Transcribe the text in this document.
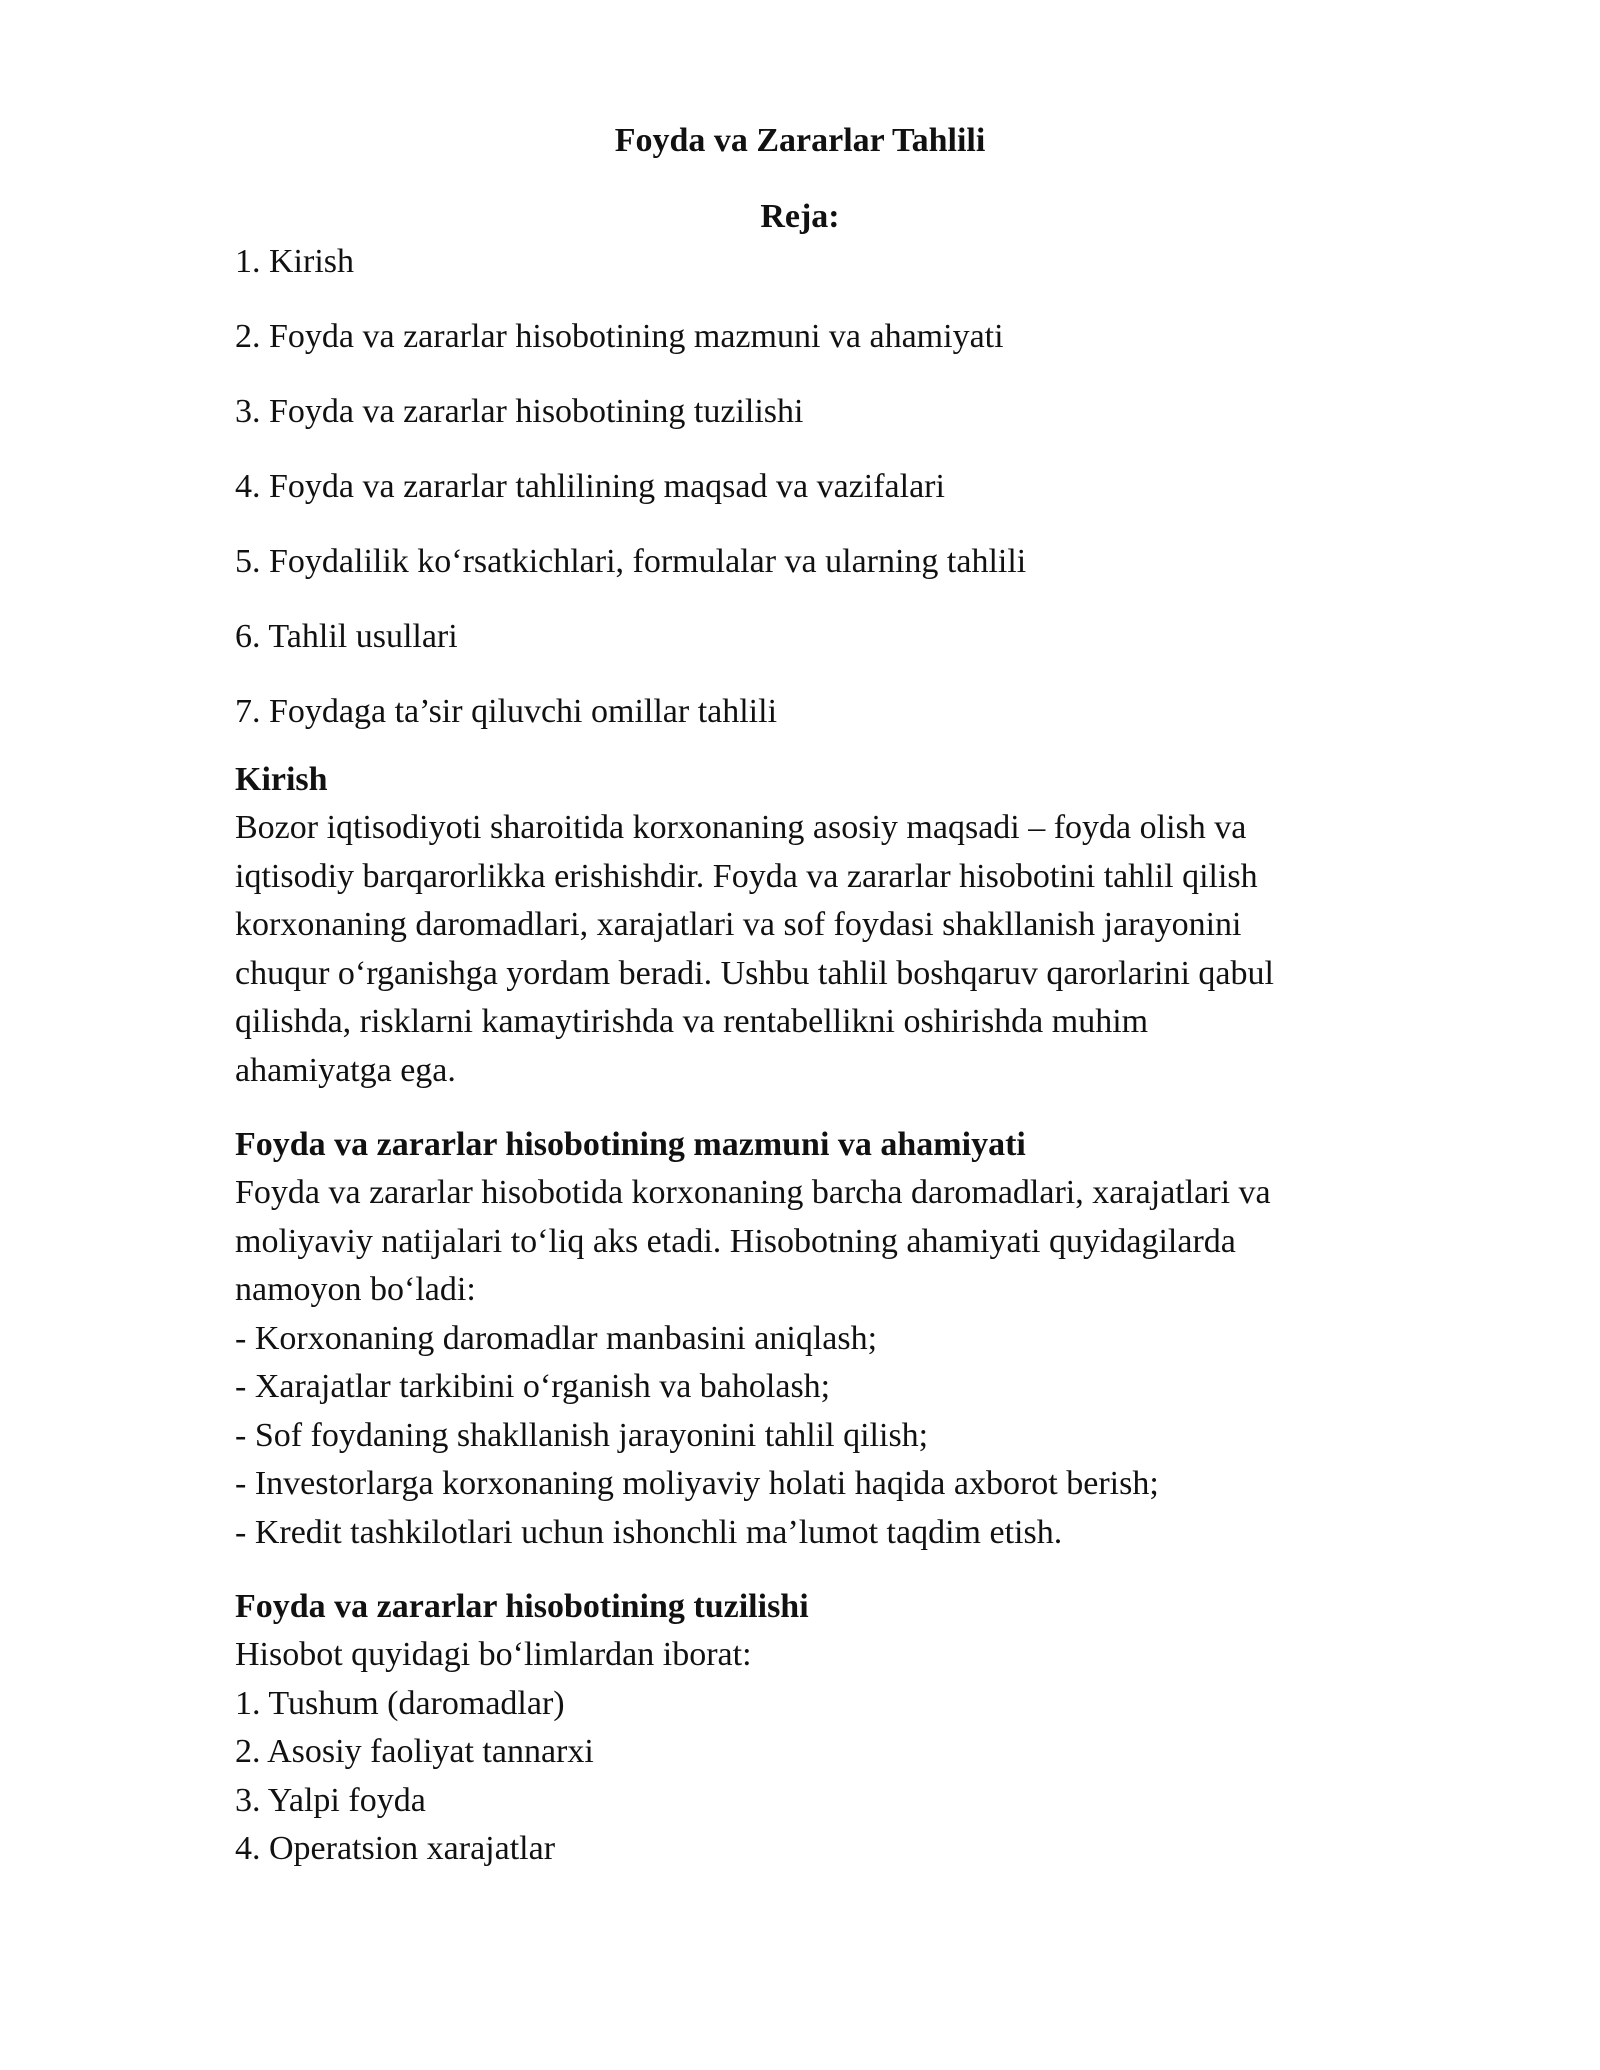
Foyda va Zararlar Tahlili
Reja:
1. Kirish
2. Foyda va zararlar hisobotining mazmuni va ahamiyati
3. Foyda va zararlar hisobotining tuzilishi
4. Foyda va zararlar tahlilining maqsad va vazifalari
5. Foydalilik ko‘rsatkichlari, formulalar va ularning tahlili
6. Tahlil usullari
7. Foydaga ta’sir qiluvchi omillar tahlili
Kirish
Bozor iqtisodiyoti sharoitida korxonaning asosiy maqsadi – foyda olish va
iqtisodiy barqarorlikka erishishdir. Foyda va zararlar hisobotini tahlil qilish
korxonaning daromadlari, xarajatlari va sof foydasi shakllanish jarayonini
chuqur o‘rganishga yordam beradi. Ushbu tahlil boshqaruv qarorlarini qabul
qilishda, risklarni kamaytirishda va rentabellikni oshirishda muhim
ahamiyatga ega.
Foyda va zararlar hisobotining mazmuni va ahamiyati
Foyda va zararlar hisobotida korxonaning barcha daromadlari, xarajatlari va
moliyaviy natijalari to‘liq aks etadi. Hisobotning ahamiyati quyidagilarda
namoyon bo‘ladi:
- Korxonaning daromadlar manbasini aniqlash;
- Xarajatlar tarkibini o‘rganish va baholash;
- Sof foydaning shakllanish jarayonini tahlil qilish;
- Investorlarga korxonaning moliyaviy holati haqida axborot berish;
- Kredit tashkilotlari uchun ishonchli ma’lumot taqdim etish.
Foyda va zararlar hisobotining tuzilishi
Hisobot quyidagi bo‘limlardan iborat:
1. Tushum (daromadlar)
2. Asosiy faoliyat tannarxi
3. Yalpi foyda
4. Operatsion xarajatlar
